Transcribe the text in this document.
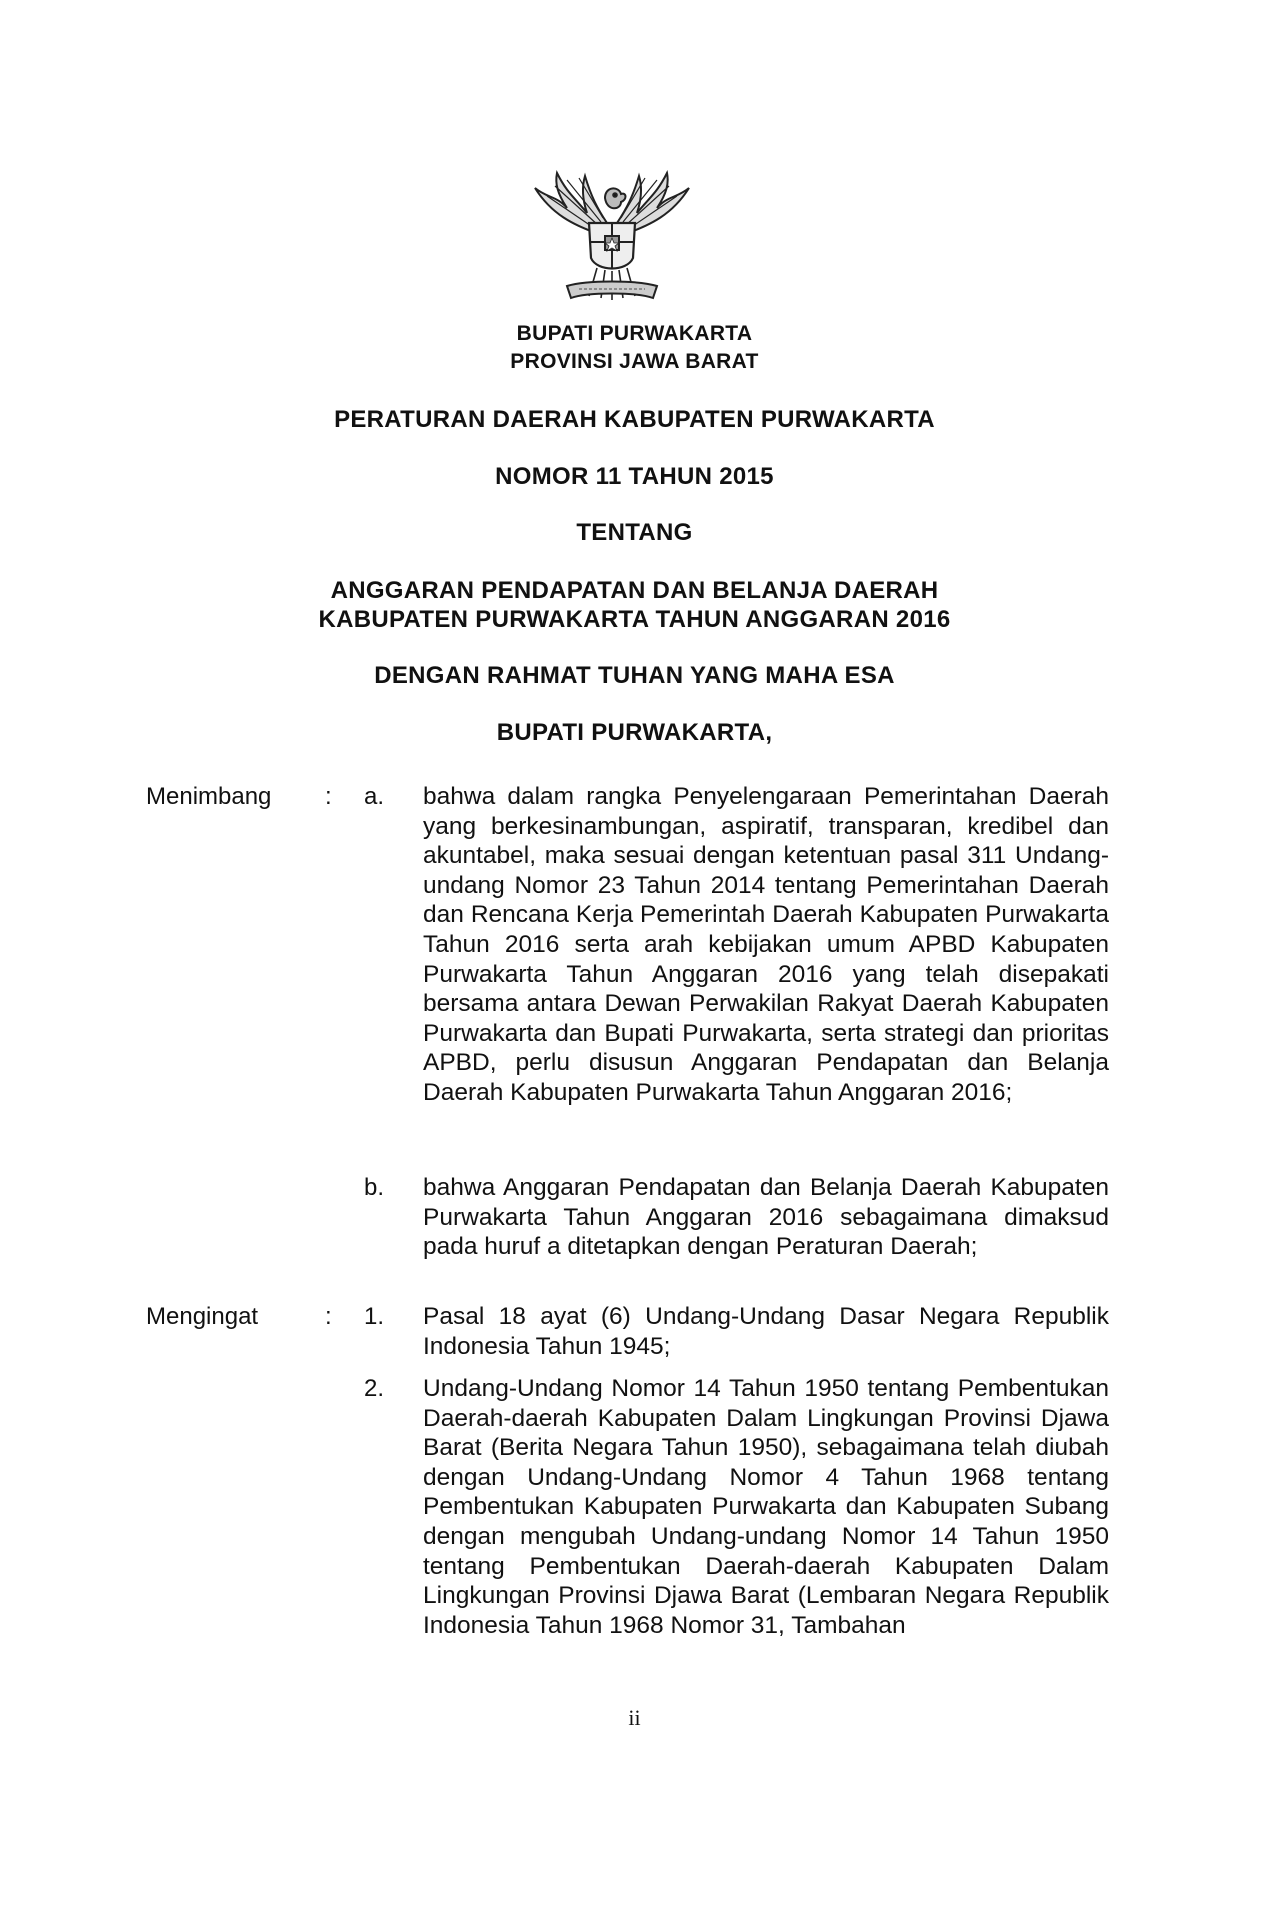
BUPATI PURWAKARTA
PROVINSI JAWA BARAT
PERATURAN DAERAH KABUPATEN PURWAKARTA
NOMOR 11 TAHUN 2015
TENTANG
ANGGARAN PENDAPATAN DAN BELANJA DAERAH
KABUPATEN PURWAKARTA TAHUN ANGGARAN 2016
DENGAN RAHMAT TUHAN YANG MAHA ESA
BUPATI PURWAKARTA,
Menimbang :	a. bahwa dalam rangka Penyelengaraan Pemerintahan Daerah yang berkesinambungan, aspiratif, transparan, kredibel dan akuntabel, maka sesuai dengan ketentuan pasal 311 Undang-undang Nomor 23 Tahun 2014 tentang Pemerintahan Daerah dan Rencana Kerja Pemerintah Daerah Kabupaten Purwakarta Tahun 2016 serta arah kebijakan umum APBD Kabupaten Purwakarta Tahun Anggaran 2016 yang telah disepakati bersama antara Dewan Perwakilan Rakyat Daerah Kabupaten Purwakarta dan Bupati Purwakarta, serta strategi dan prioritas APBD, perlu disusun Anggaran Pendapatan dan Belanja Daerah Kabupaten Purwakarta Tahun Anggaran 2016;
b. bahwa Anggaran Pendapatan dan Belanja Daerah Kabupaten Purwakarta Tahun Anggaran 2016 sebagaimana dimaksud pada huruf a ditetapkan dengan Peraturan Daerah;
Mengingat	:	1. Pasal 18 ayat (6) Undang-Undang Dasar Negara Republik Indonesia Tahun 1945;
2. Undang-Undang Nomor 14 Tahun 1950 tentang Pembentukan Daerah-daerah Kabupaten Dalam Lingkungan Provinsi Djawa Barat (Berita Negara Tahun 1950), sebagaimana telah diubah dengan Undang-Undang Nomor 4 Tahun 1968 tentang Pembentukan Kabupaten Purwakarta dan Kabupaten Subang dengan mengubah Undang-undang Nomor 14 Tahun 1950 tentang Pembentukan Daerah-daerah Kabupaten Dalam Lingkungan Provinsi Djawa Barat (Lembaran Negara Republik Indonesia Tahun 1968 Nomor 31, Tambahan
ii
